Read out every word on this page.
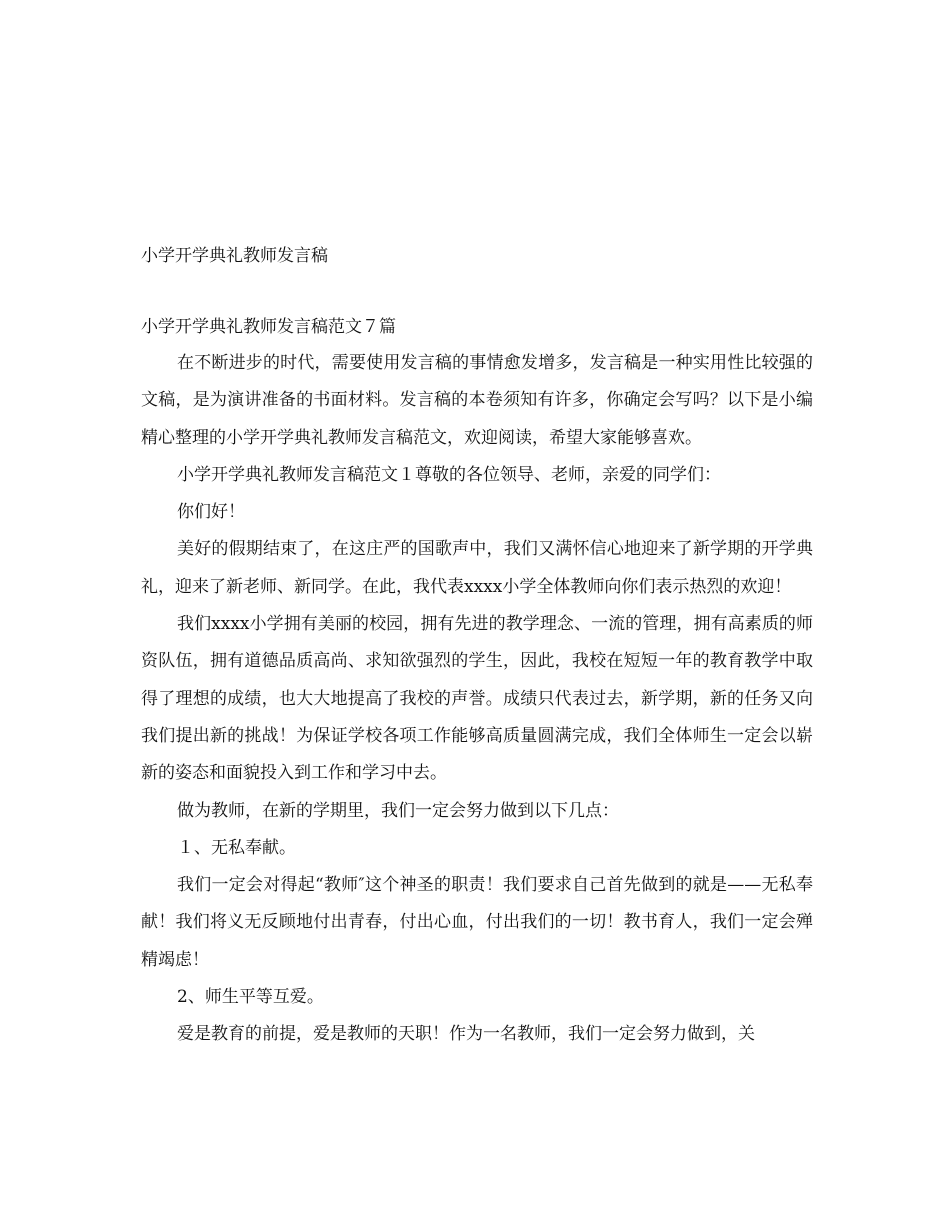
小学开学典礼教师发言稿
小学开学典礼教师发言稿范文７篇

在不断进步的时代，需要使用发言稿的事情愈发增多，发言稿是一种实用性比较强的文稿，是为演讲准备的书面材料。发言稿的本卷须知有许多，你确定会写吗？以下是小编精心整理的小学开学典礼教师发言稿范文，欢迎阅读，希望大家能够喜欢。

小学开学典礼教师发言稿范文１尊敬的各位领导、老师，亲爱的同学们：

你们好！

美好的假期结束了，在这庄严的国歌声中，我们又满怀信心地迎来了新学期的开学典礼，迎来了新老师、新同学。在此，我代表xxxx小学全体教师向你们表示热烈的欢迎！

我们xxxx小学拥有美丽的校园，拥有先进的教学理念、一流的管理，拥有高素质的师资队伍，拥有道德品质高尚、求知欲强烈的学生，因此，我校在短短一年的教育教学中取得了理想的成绩，也大大地提高了我校的声誉。成绩只代表过去，新学期，新的任务又向我们提出新的挑战！为保证学校各项工作能够高质量圆满完成，我们全体师生一定会以崭新的姿态和面貌投入到工作和学习中去。

做为教师，在新的学期里，我们一定会努力做到以下几点：

１、无私奉献。

我们一定会对得起“教师″这个神圣的职责！我们要求自己首先做到的就是——无私奉献！我们将义无反顾地付出青春，付出心血，付出我们的一切！教书育人，我们一定会殚精竭虑！

2、师生平等互爱。

爱是教育的前提，爱是教师的天职！作为一名教师，我们一定会努力做到，关
